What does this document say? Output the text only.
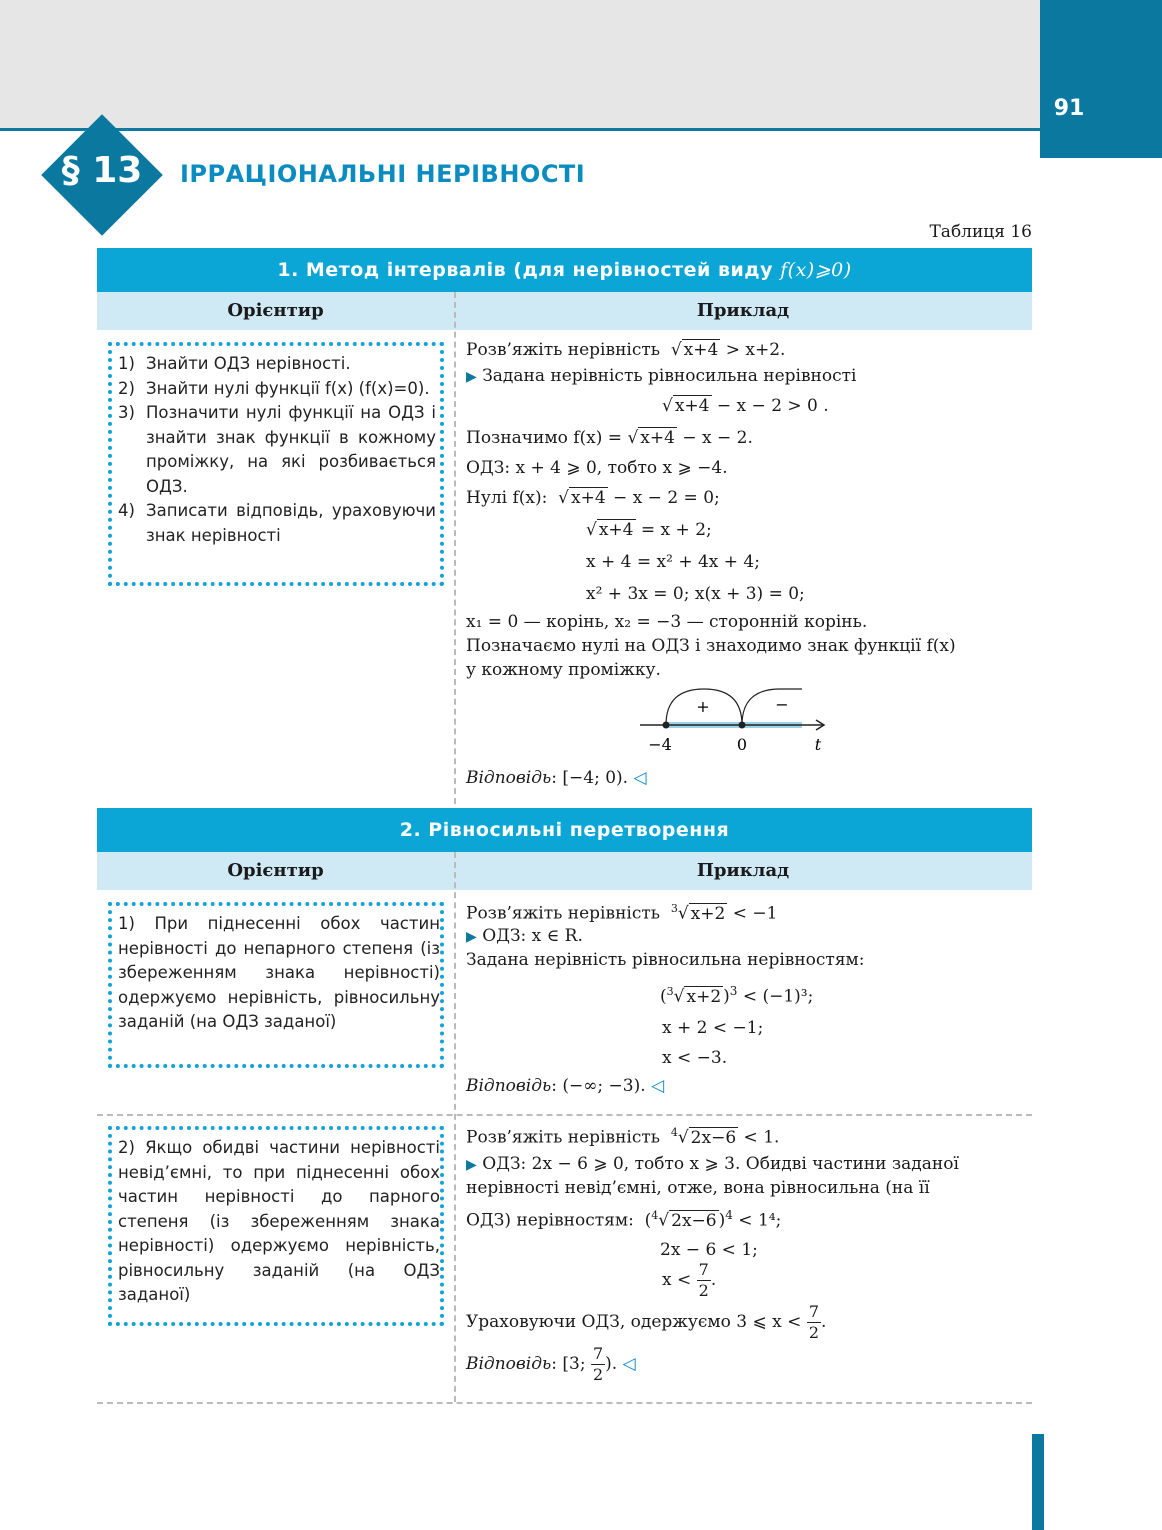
91
§ 13	ІРРАЦІОНАЛЬНІ НЕРІВНОСТІ
Таблиця 16
1. Метод інтервалів (для нерівностей виду f(x)⩾0)
Орієнтир	Приклад
1) Знайти ОДЗ нерівності.
2) Знайти нулі функції f(x) (f(x)=0).
3) Позначити нулі функції на ОДЗ і знайти знак функції в кожному проміжку, на які розбивається ОДЗ.
4) Записати відповідь, ураховуючи знак нерівності
Розв’яжіть нерівність  √ x+4 > x+2.
▶ Задана нерівність рівносильна нерівності
√ x+4 − x − 2 > 0 .
Позначимо f(x) = √ x+4 − x − 2.
ОДЗ: x + 4 ⩾ 0, тобто x ⩾ −4.
Нулі f(x):  √ x+4 − x − 2 = 0;
√ x+4 = x + 2;
x + 4 = x² + 4x + 4;
x² + 3x = 0; x(x + 3) = 0;
x₁ = 0 — корінь, x₂ = −3 — сторонній корінь.
Позначаємо нулі на ОДЗ і знаходимо знак функції f(x)
у кожному проміжку.
+	−
−4	0	t
Відповідь: [−4; 0). ◁
2. Рівносильні перетворення
Орієнтир	Приклад
1) При піднесенні обох частин нерівності до непарного степеня (із збереженням знака нерівності) одержуємо нерівність, рівносильну заданій (на ОДЗ заданої)
Розв’яжіть нерівність $^3$√ x+2 < −1
▶ ОДЗ: x ∈ R.
Задана нерівність рівносильна нерівностям:
($^3$√ x+2 )$^3$ < (−1)³;
x + 2 < −1;
x < −3.
Відповідь: (−∞; −3). ◁
2) Якщо обидві частини нерівності невід’ємні, то при піднесенні обох частин нерівності до парного степеня (із збереженням знака нерівності) одержуємо нерівність, рівносильну заданій (на ОДЗ заданої)
Розв’яжіть нерівність $^4$√ 2x−6 < 1.
▶ ОДЗ: 2x − 6 ⩾ 0, тобто x ⩾ 3. Обидві частини заданої
нерівності невід’ємні, отже, вона рівносильна (на її
ОДЗ) нерівностям:  ($^4$√ 2x−6 )$^4$ < 1⁴;
2x − 6 < 1;
$x < \frac{7}{2}$ .
Ураховуючи ОДЗ, одержуємо 3 ⩽ $x < \frac{7}{2}$ .
Відповідь: [3; $\frac{7}{2}$ ). ◁
